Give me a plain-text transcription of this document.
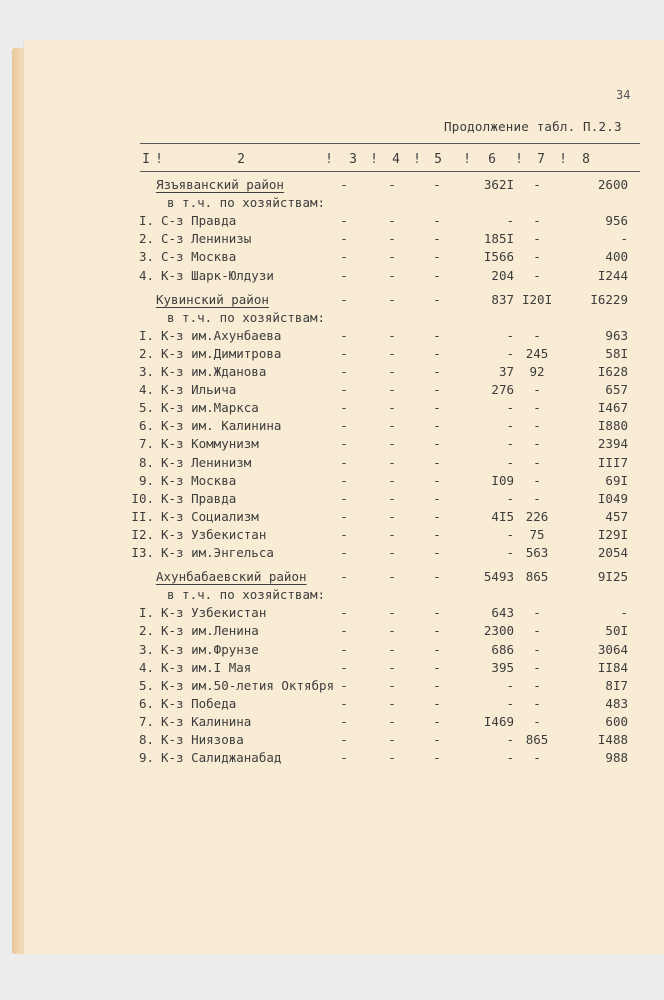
34
Продолжение табл. П.2.3
I !	2	! 3 ! 4 ! 5 ! 6 ! 7 ! 8
Язъяванский район	-	-	-	362I	-	2600
в т.ч. по хозяйствам:
I. С-з Правда	-	-	-	-	-	956
2. С-з Ленинизы	-	-	-	185I	-	-
3. С-з Москва	-	-	-	I566	-	400
4. К-з Шарк-Юлдузи	-	-	-	204	-	I244
Кувинский район	-	-	-	837 I20I	I6229
в т.ч. по хозяйствам:
I. К-з им.Ахунбаева	-	-	-	-	-	963
2. К-з им.Димитрова	-	-	-	- 245	58I
3. К-з им.Жданова	-	-	-	37	92	I628
4. К-з Ильича	-	-	-	276	-	657
5. К-з им.Маркса	-	-	-	-	-	I467
6. К-з им. Калинина	-	-	-	-	-	I880
7. К-з Коммунизм	-	-	-	-	-	2394
8. К-з Ленинизм	-	-	-	-	-	III7
9. К-з Москва	-	-	-	I09	-	69I
I0. К-з Правда	-	-	-	-	-	I049
II. К-з Социализм	-	-	-	4I5 226	457
I2. К-з Узбекистан	-	-	-	-	75	I29I
I3. К-з им.Энгельса	-	-	-	- 563	2054
Ахунбабаевский район	-	-	-	5493 865	9I25
в т.ч. по хозяйствам:
I. К-з Узбекистан	-	-	-	643	-	-
2. К-з им.Ленина	-	-	-	2300	-	50I
3. К-з им.Фрунзе	-	-	-	686	-	3064
4. К-з им.I Мая	-	-	-	395	-	II84
5. К-з им.50-летия Октября -	-	-	-	-	8I7
6. К-з Победа	-	-	-	-	-	483
7. К-з Калинина	-	-	-	I469	-	600
8. К-з Ниязова	-	-	-	- 865	I488
9. К-з Салиджанабад	-	-	-	-	-	988
